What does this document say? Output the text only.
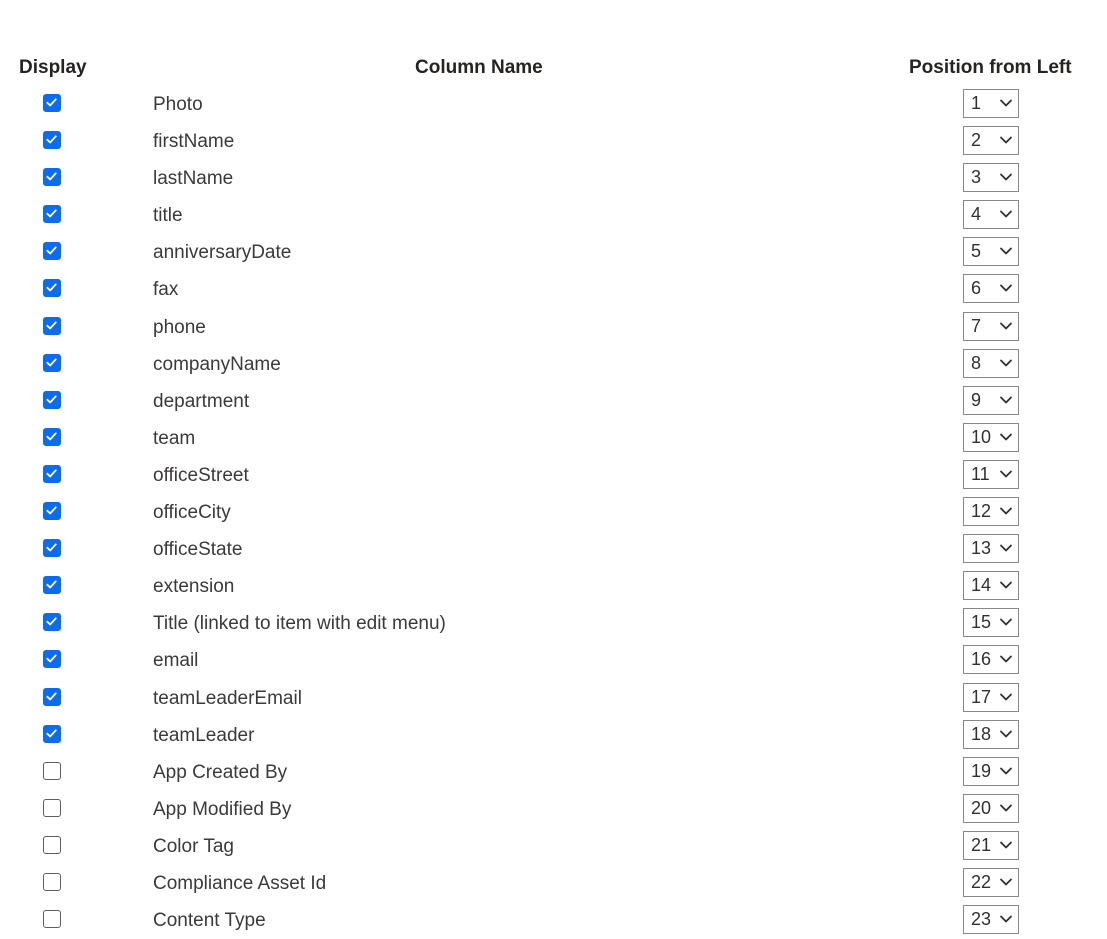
Display	Column Name	Position from Left
Photo	1
firstName	2
lastName	3
title	4
anniversaryDate	5
fax	6
phone	7
companyName	8
department	9
team	10
officeStreet	11
officeCity	12
officeState	13
extension	14
Title (linked to item with edit menu)	15
email	16
teamLeaderEmail	17
teamLeader	18
App Created By	19
App Modified By	20
Color Tag	21
Compliance Asset Id	22
Content Type	23
